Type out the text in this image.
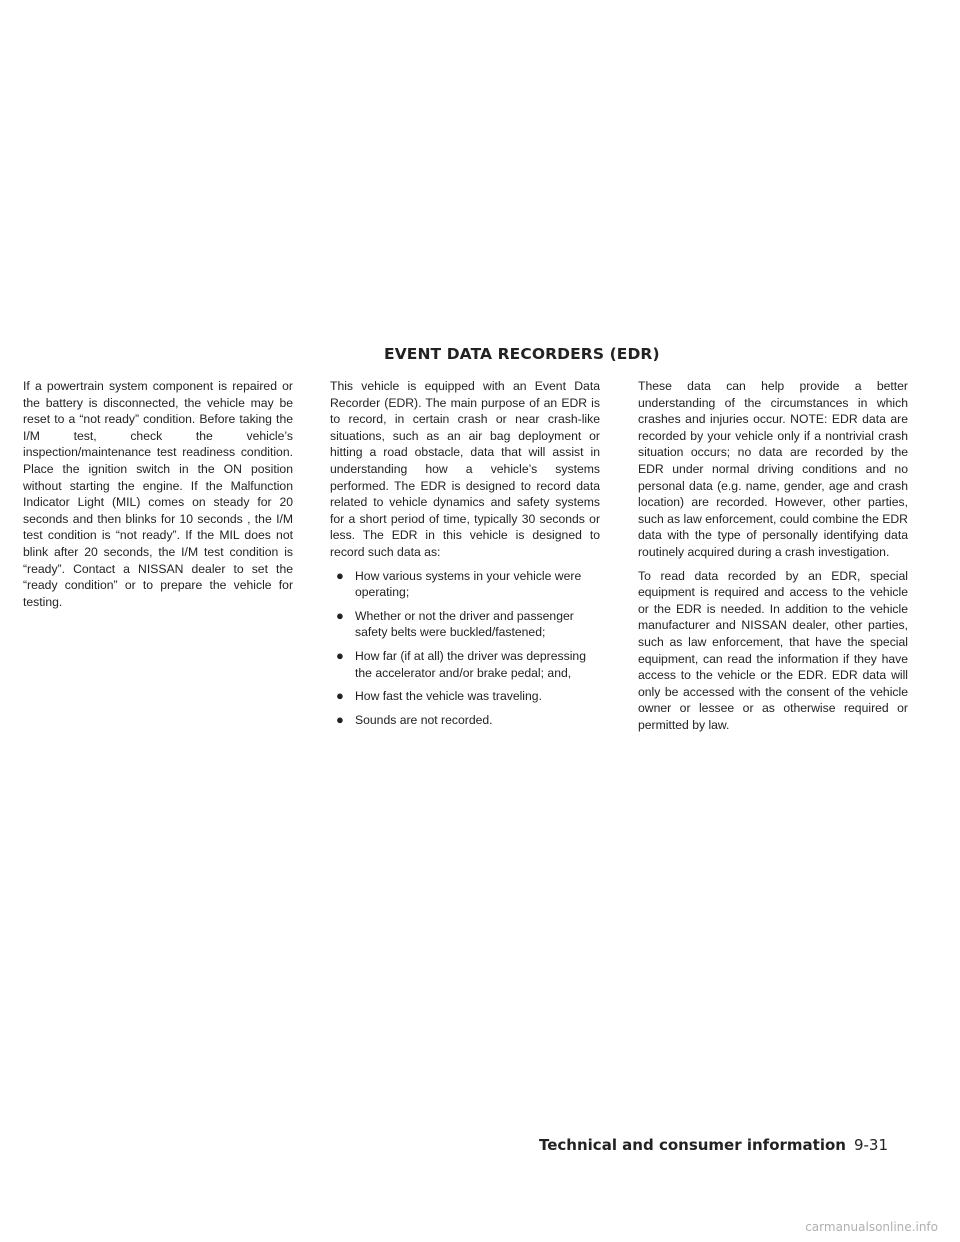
EVENT DATA RECORDERS (EDR)

If a powertrain system component is repaired or the battery is disconnected, the vehicle may be reset to a “not ready” condition. Before taking the I/M test, check the vehicle’s inspection/maintenance test readiness condition. Place the ignition switch in the ON position without starting the engine. If the Malfunction Indicator Light (MIL) comes on steady for 20 seconds and then blinks for 10 seconds , the I/M test condition is “not ready”. If the MIL does not blink after 20 seconds, the I/M test condition is “ready”. Contact a NISSAN dealer to set the “ready condition” or to prepare the vehicle for testing.

This vehicle is equipped with an Event Data Recorder (EDR). The main purpose of an EDR is to record, in certain crash or near crash-like situations, such as an air bag deployment or hitting a road obstacle, data that will assist in understanding how a vehicle’s systems performed. The EDR is designed to record data related to vehicle dynamics and safety systems for a short period of time, typically 30 seconds or less. The EDR in this vehicle is designed to record such data as:

● How various systems in your vehicle were operating;
● Whether or not the driver and passenger safety belts were buckled/fastened;
● How far (if at all) the driver was depressing the accelerator and/or brake pedal; and,
● How fast the vehicle was traveling.
● Sounds are not recorded.

These data can help provide a better understanding of the circumstances in which crashes and injuries occur. NOTE: EDR data are recorded by your vehicle only if a nontrivial crash situation occurs; no data are recorded by the EDR under normal driving conditions and no personal data (e.g. name, gender, age and crash location) are recorded. However, other parties, such as law enforcement, could combine the EDR data with the type of personally identifying data routinely acquired during a crash investigation.

To read data recorded by an EDR, special equipment is required and access to the vehicle or the EDR is needed. In addition to the vehicle manufacturer and NISSAN dealer, other parties, such as law enforcement, that have the special equipment, can read the information if they have access to the vehicle or the EDR. EDR data will only be accessed with the consent of the vehicle owner or lessee or as otherwise required or permitted by law.

Technical and consumer information 9-31
carmanualsonline.info
